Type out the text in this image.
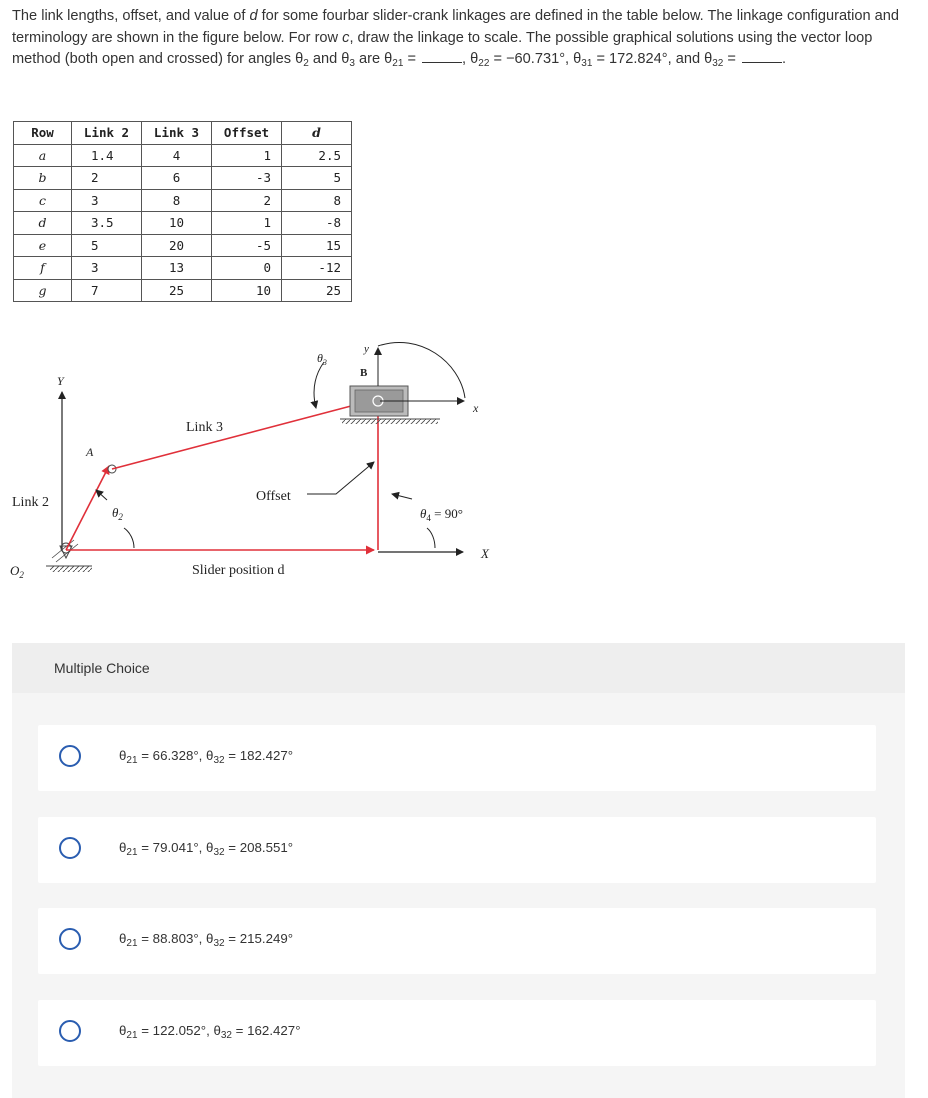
The link lengths, offset, and value of d for some fourbar slider-crank linkages are defined in the table below. The linkage configuration and terminology are shown in the figure below. For row c, draw the linkage to scale. The possible graphical solutions using the vector loop method (both open and crossed) for angles $\theta_2$ and $\theta_3$ are $\theta_{21}$ =	, $\theta_{22} = -60.731^\circ$, $\theta_{31} = 172.824^\circ$, and $\theta_{32}$ =	.
Row	Link 2	Link 3	Offset	d
a	1.4	4	1	2.5
b	2	6	-3	5
c	3	8	2	8
d	3.5	10	1	-8
e	5	20	-5	15
f	3	13	0	-12
g	7	25	10	25
Y
X
$O_2$
Link 2
A
$\theta_2$
Link 3
Slider position d
Offset
B
x
y
$\theta_3$
$\theta_4 = 90^\circ$
Multiple Choice
$\theta_{21} = 66.328^\circ$, $\theta_{32} = 182.427^\circ$
$\theta_{21} = 79.041^\circ$, $\theta_{32} = 208.551^\circ$
$\theta_{21} = 88.803^\circ$, $\theta_{32} = 215.249^\circ$
$\theta_{21} = 122.052^\circ$, $\theta_{32} = 162.427^\circ$
